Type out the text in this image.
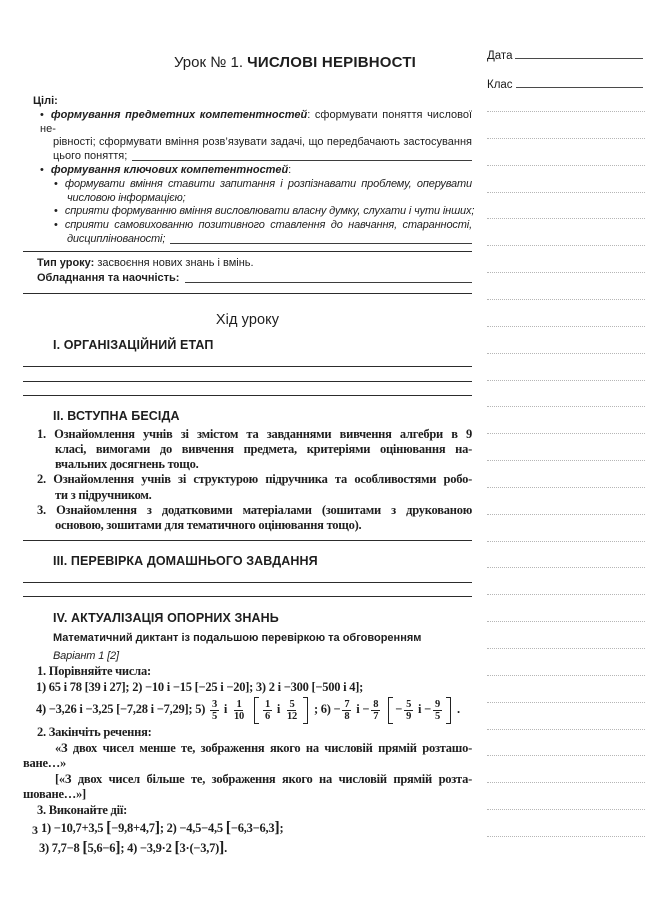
Урок № 1. ЧИСЛОВІ НЕРІВНОСТІ
Цілі:
• формування предметних компетентностей: сформувати поняття числової не-
рівності; сформувати вміння розв’язувати задачі, що передбачають застосування
цього поняття;
• формування ключових компетентностей:
• формувати вміння ставити запитання і розпізнавати проблему, оперувати
числовою інформацією;
• сприяти формуванню вміння висловлювати власну думку, слухати і чути інших;
• сприяти самовихованню позитивного ставлення до навчання, старанності,
дисциплінованості;
Тип уроку: засвоєння нових знань і вмінь.
Обладнання та наочність:
Хід уроку
I. ОРГАНІЗАЦІЙНИЙ ЕТАП
II. ВСТУПНА БЕСІДА
1. Ознайомлення учнів зі змістом та завданнями вивчення алгебри в 9
класі, вимогами до вивчення предмета, критеріями оцінювання на-
вчальних досягнень тощо.
2. Ознайомлення учнів зі структурою підручника та особливостями робо-
ти з підручником.
3. Ознайомлення з додатковими матеріалами (зошитами з друкованою
основою, зошитами для тематичного оцінювання тощо).
III. ПЕРЕВІРКА ДОМАШНЬОГО ЗАВДАННЯ
IV. АКТУАЛІЗАЦІЯ ОПОРНИХ ЗНАНЬ
Математичний диктант із подальшою перевіркою та обговоренням
Варіант 1 [2]
1. Порівняйте числа:
1) 65 і 78 [39 і 27]; 2) −10 і −15 [−25 і −20]; 3) 2 і −300 [−500 і 4];
4) −3,26 і −3,25 [−7,28 і −7,29]; $5) \frac{3}{5}$ і $\frac{1}{10} \frac{1}{6}$ і $\frac{5}{12}$ ; $6) - \frac{7}{8}$ $і - \frac{8}{7} - \frac{5}{9}$ $і - \frac{9}{5}$ .
2. Закінчіть речення:
«З двох чисел менше те, зображення якого на числовій прямій розташо-
ване…»
[«З двох чисел більше те, зображення якого на числовій прямій розта-
шоване…»]
3. Виконайте дії:
1) −10,7+3,5 [−9,8+4,7]; 2) −4,5−4,5 [−6,3−6,3];
3) 7,7−8 [5,6−6]; 4) −3,9·2 [3·(−3,7)].
Дата
Клас
3
